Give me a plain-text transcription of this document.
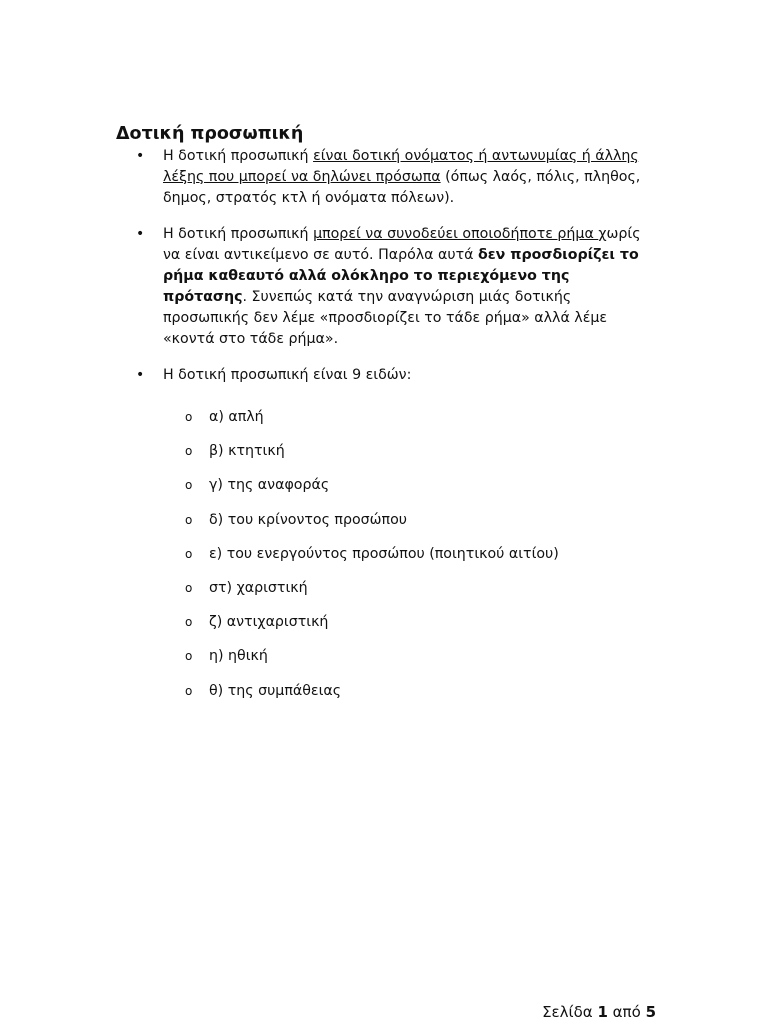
Δοτική προσωπική
• Η δοτική προσωπική είναι δοτική ονόματος ή αντωνυμίας ή άλλης λέξης που μπορεί να δηλώνει πρόσωπα (όπως λαός, πόλις, πληθος, δημος, στρατός κτλ ή ονόματα πόλεων).
• Η δοτική προσωπική μπορεί να συνοδεύει οποιοδήποτε ρήμα χωρίς να είναι αντικείμενο σε αυτό. Παρόλα αυτά δεν προσδιορίζει το ρήμα καθεαυτό αλλά ολόκληρο το περιεχόμενο της πρότασης. Συνεπώς κατά την αναγνώριση μιάς δοτικής προσωπικής δεν λέμε «προσδιορίζει το τάδε ρήμα» αλλά λέμε «κοντά στο τάδε ρήμα».
• Η δοτική προσωπική είναι 9 ειδών:
o α) απλή
o β) κτητική
o γ) της αναφοράς
o δ) του κρίνοντος προσώπου
o ε) του ενεργούντος προσώπου (ποιητικού αιτίου)
o στ) χαριστική
o ζ) αντιχαριστική
o η) ηθική
o θ) της συμπάθειας
Σελίδα 1 από 5
